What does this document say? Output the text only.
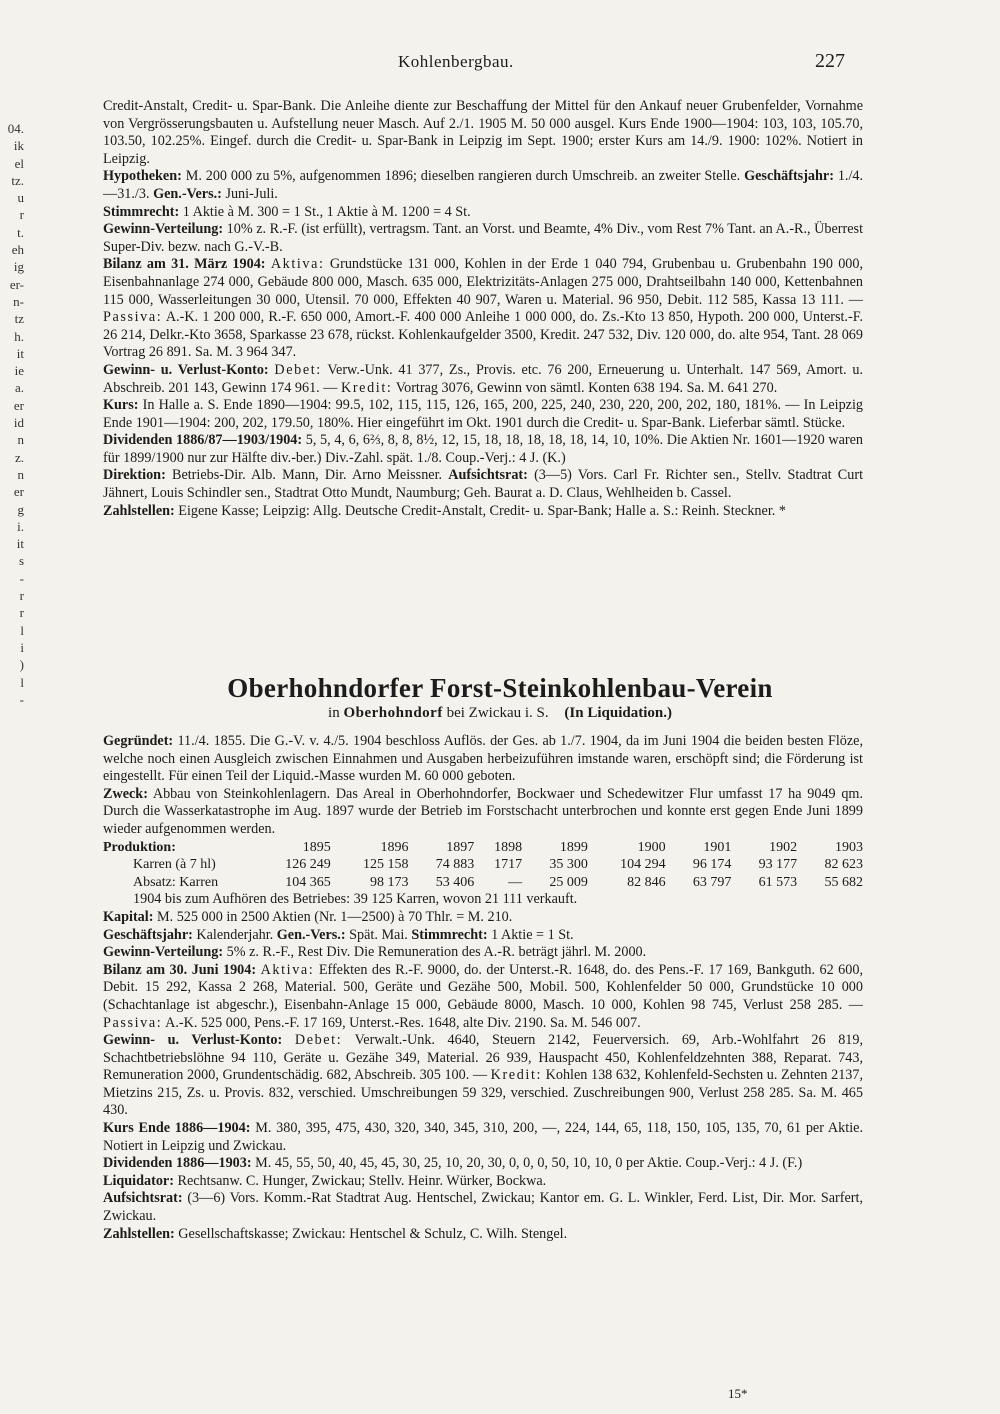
04.
ik
el
tz.
u
r
t.
eh
ig
er-
n-
tz
h.
it
ie
a.
er
id
n
z.
n
er
g
i.
it
s
-
r
r
l
i
)
l
-
Kohlenbergbau.	227

Credit-Anstalt, Credit- u. Spar-Bank. Die Anleihe diente zur Beschaffung der Mittel für den Ankauf neuer Grubenfelder, Vornahme von Vergrösserungsbauten u. Aufstellung neuer Masch. Auf 2./1. 1905 M. 50 000 ausgel. Kurs Ende 1900—1904: 103, 103, 105.70, 103.50, 102.25%. Eingef. durch die Credit- u. Spar-Bank in Leipzig im Sept. 1900; erster Kurs am 14./9. 1900: 102%. Notiert in Leipzig.

Hypotheken: M. 200 000 zu 5%, aufgenommen 1896; dieselben rangieren durch Umschreib. an zweiter Stelle. Geschäftsjahr: 1./4.—31./3. Gen.-Vers.: Juni-Juli.

Stimmrecht: 1 Aktie à M. 300 = 1 St., 1 Aktie à M. 1200 = 4 St.

Gewinn-Verteilung: 10% z. R.-F. (ist erfüllt), vertragsm. Tant. an Vorst. und Beamte, 4% Div., vom Rest 7% Tant. an A.-R., Überrest Super-Div. bezw. nach G.-V.-B.

Bilanz am 31. März 1904: Aktiva: Grundstücke 131 000, Kohlen in der Erde 1 040 794, Grubenbau u. Grubenbahn 190 000, Eisenbahnanlage 274 000, Gebäude 800 000, Masch. 635 000, Elektrizitäts-Anlagen 275 000, Drahtseilbahn 140 000, Kettenbahnen 115 000, Wasserleitungen 30 000, Utensil. 70 000, Effekten 40 907, Waren u. Material. 96 950, Debit. 112 585, Kassa 13 111. — Passiva: A.-K. 1 200 000, R.-F. 650 000, Amort.-F. 400 000 Anleihe 1 000 000, do. Zs.-Kto 13 850, Hypoth. 200 000, Unterst.-F. 26 214, Delkr.-Kto 3658, Sparkasse 23 678, rückst. Kohlenkaufgelder 3500, Kredit. 247 532, Div. 120 000, do. alte 954, Tant. 28 069 Vortrag 26 891. Sa. M. 3 964 347.

Gewinn- u. Verlust-Konto: Debet: Verw.-Unk. 41 377, Zs., Provis. etc. 76 200, Erneuerung u. Unterhalt. 147 569, Amort. u. Abschreib. 201 143, Gewinn 174 961. — Kredit: Vortrag 3076, Gewinn von sämtl. Konten 638 194. Sa. M. 641 270.

Kurs: In Halle a. S. Ende 1890—1904: 99.5, 102, 115, 115, 126, 165, 200, 225, 240, 230, 220, 200, 202, 180, 181%. — In Leipzig Ende 1901—1904: 200, 202, 179.50, 180%. Hier eingeführt im Okt. 1901 durch die Credit- u. Spar-Bank. Lieferbar sämtl. Stücke.

Dividenden 1886/87—1903/1904: 5, 5, 4, 6, 6⅔, 8, 8, 8½, 12, 15, 18, 18, 18, 18, 18, 14, 10, 10%. Die Aktien Nr. 1601—1920 waren für 1899/1900 nur zur Hälfte div.-ber.) Div.-Zahl. spät. 1./8. Coup.-Verj.: 4 J. (K.)

Direktion: Betriebs-Dir. Alb. Mann, Dir. Arno Meissner. Aufsichtsrat: (3—5) Vors. Carl Fr. Richter sen., Stellv. Stadtrat Curt Jähnert, Louis Schindler sen., Stadtrat Otto Mundt, Naumburg; Geh. Baurat a. D. Claus, Wehlheiden b. Cassel.

Zahlstellen: Eigene Kasse; Leipzig: Allg. Deutsche Credit-Anstalt, Credit- u. Spar-Bank; Halle a. S.: Reinh. Steckner. *

Oberhohndorfer Forst-Steinkohlenbau-Verein
in Oberhohndorf bei Zwickau i. S. (In Liquidation.)

Gegründet: 11./4. 1855. Die G.-V. v. 4./5. 1904 beschloss Auflös. der Ges. ab 1./7. 1904, da im Juni 1904 die beiden besten Flöze, welche noch einen Ausgleich zwischen Einnahmen und Ausgaben herbeizuführen imstande waren, erschöpft sind; die Förderung ist eingestellt. Für einen Teil der Liquid.-Masse wurden M. 60 000 geboten.

Zweck: Abbau von Steinkohlenlagern. Das Areal in Oberhohndorfer, Bockwaer und Schedewitzer Flur umfasst 17 ha 9049 qm. Durch die Wasserkatastrophe im Aug. 1897 wurde der Betrieb im Forstschacht unterbrochen und konnte erst gegen Ende Juni 1899 wieder aufgenommen werden.

Produktion:	1895	1896	1897	1898	1899	1900	1901	1902	1903
Karren (à 7 hl)	126 249	125 158	74 883	1717	35 300	104 294	96 174	93 177	82 623
Absatz: Karren	104 365	98 173	53 406	—	25 009	82 846	63 797	61 573	55 682

1904 bis zum Aufhören des Betriebes: 39 125 Karren, wovon 21 111 verkauft.

Kapital: M. 525 000 in 2500 Aktien (Nr. 1—2500) à 70 Thlr. = M. 210.

Geschäftsjahr: Kalenderjahr. Gen.-Vers.: Spät. Mai. Stimmrecht: 1 Aktie = 1 St.

Gewinn-Verteilung: 5% z. R.-F., Rest Div. Die Remuneration des A.-R. beträgt jährl. M. 2000.

Bilanz am 30. Juni 1904: Aktiva: Effekten des R.-F. 9000, do. der Unterst.-R. 1648, do. des Pens.-F. 17 169, Bankguth. 62 600, Debit. 15 292, Kassa 2 268, Material. 500, Geräte und Gezähe 500, Mobil. 500, Kohlenfelder 50 000, Grundstücke 10 000 (Schachtanlage ist abgeschr.), Eisenbahn-Anlage 15 000, Gebäude 8000, Masch. 10 000, Kohlen 98 745, Verlust 258 285. — Passiva: A.-K. 525 000, Pens.-F. 17 169, Unterst.-Res. 1648, alte Div. 2190. Sa. M. 546 007.

Gewinn- u. Verlust-Konto: Debet: Verwalt.-Unk. 4640, Steuern 2142, Feuerversich. 69, Arb.-Wohlfahrt 26 819, Schachtbetriebslöhne 94 110, Geräte u. Gezähe 349, Material. 26 939, Hauspacht 450, Kohlenfeldzehnten 388, Reparat. 743, Remuneration 2000, Grundentschädig. 682, Abschreib. 305 100. — Kredit: Kohlen 138 632, Kohlenfeld-Sechsten u. Zehnten 2137, Mietzins 215, Zs. u. Provis. 832, verschied. Umschreibungen 59 329, verschied. Zuschreibungen 900, Verlust 258 285. Sa. M. 465 430.

Kurs Ende 1886—1904: M. 380, 395, 475, 430, 320, 340, 345, 310, 200, —, 224, 144, 65, 118, 150, 105, 135, 70, 61 per Aktie. Notiert in Leipzig und Zwickau.

Dividenden 1886—1903: M. 45, 55, 50, 40, 45, 45, 30, 25, 10, 20, 30, 0, 0, 0, 50, 10, 10, 0 per Aktie. Coup.-Verj.: 4 J. (F.)

Liquidator: Rechtsanw. C. Hunger, Zwickau; Stellv. Heinr. Würker, Bockwa.

Aufsichtsrat: (3—6) Vors. Komm.-Rat Stadtrat Aug. Hentschel, Zwickau; Kantor em. G. L. Winkler, Ferd. List, Dir. Mor. Sarfert, Zwickau.

Zahlstellen: Gesellschaftskasse; Zwickau: Hentschel & Schulz, C. Wilh. Stengel.

15*
